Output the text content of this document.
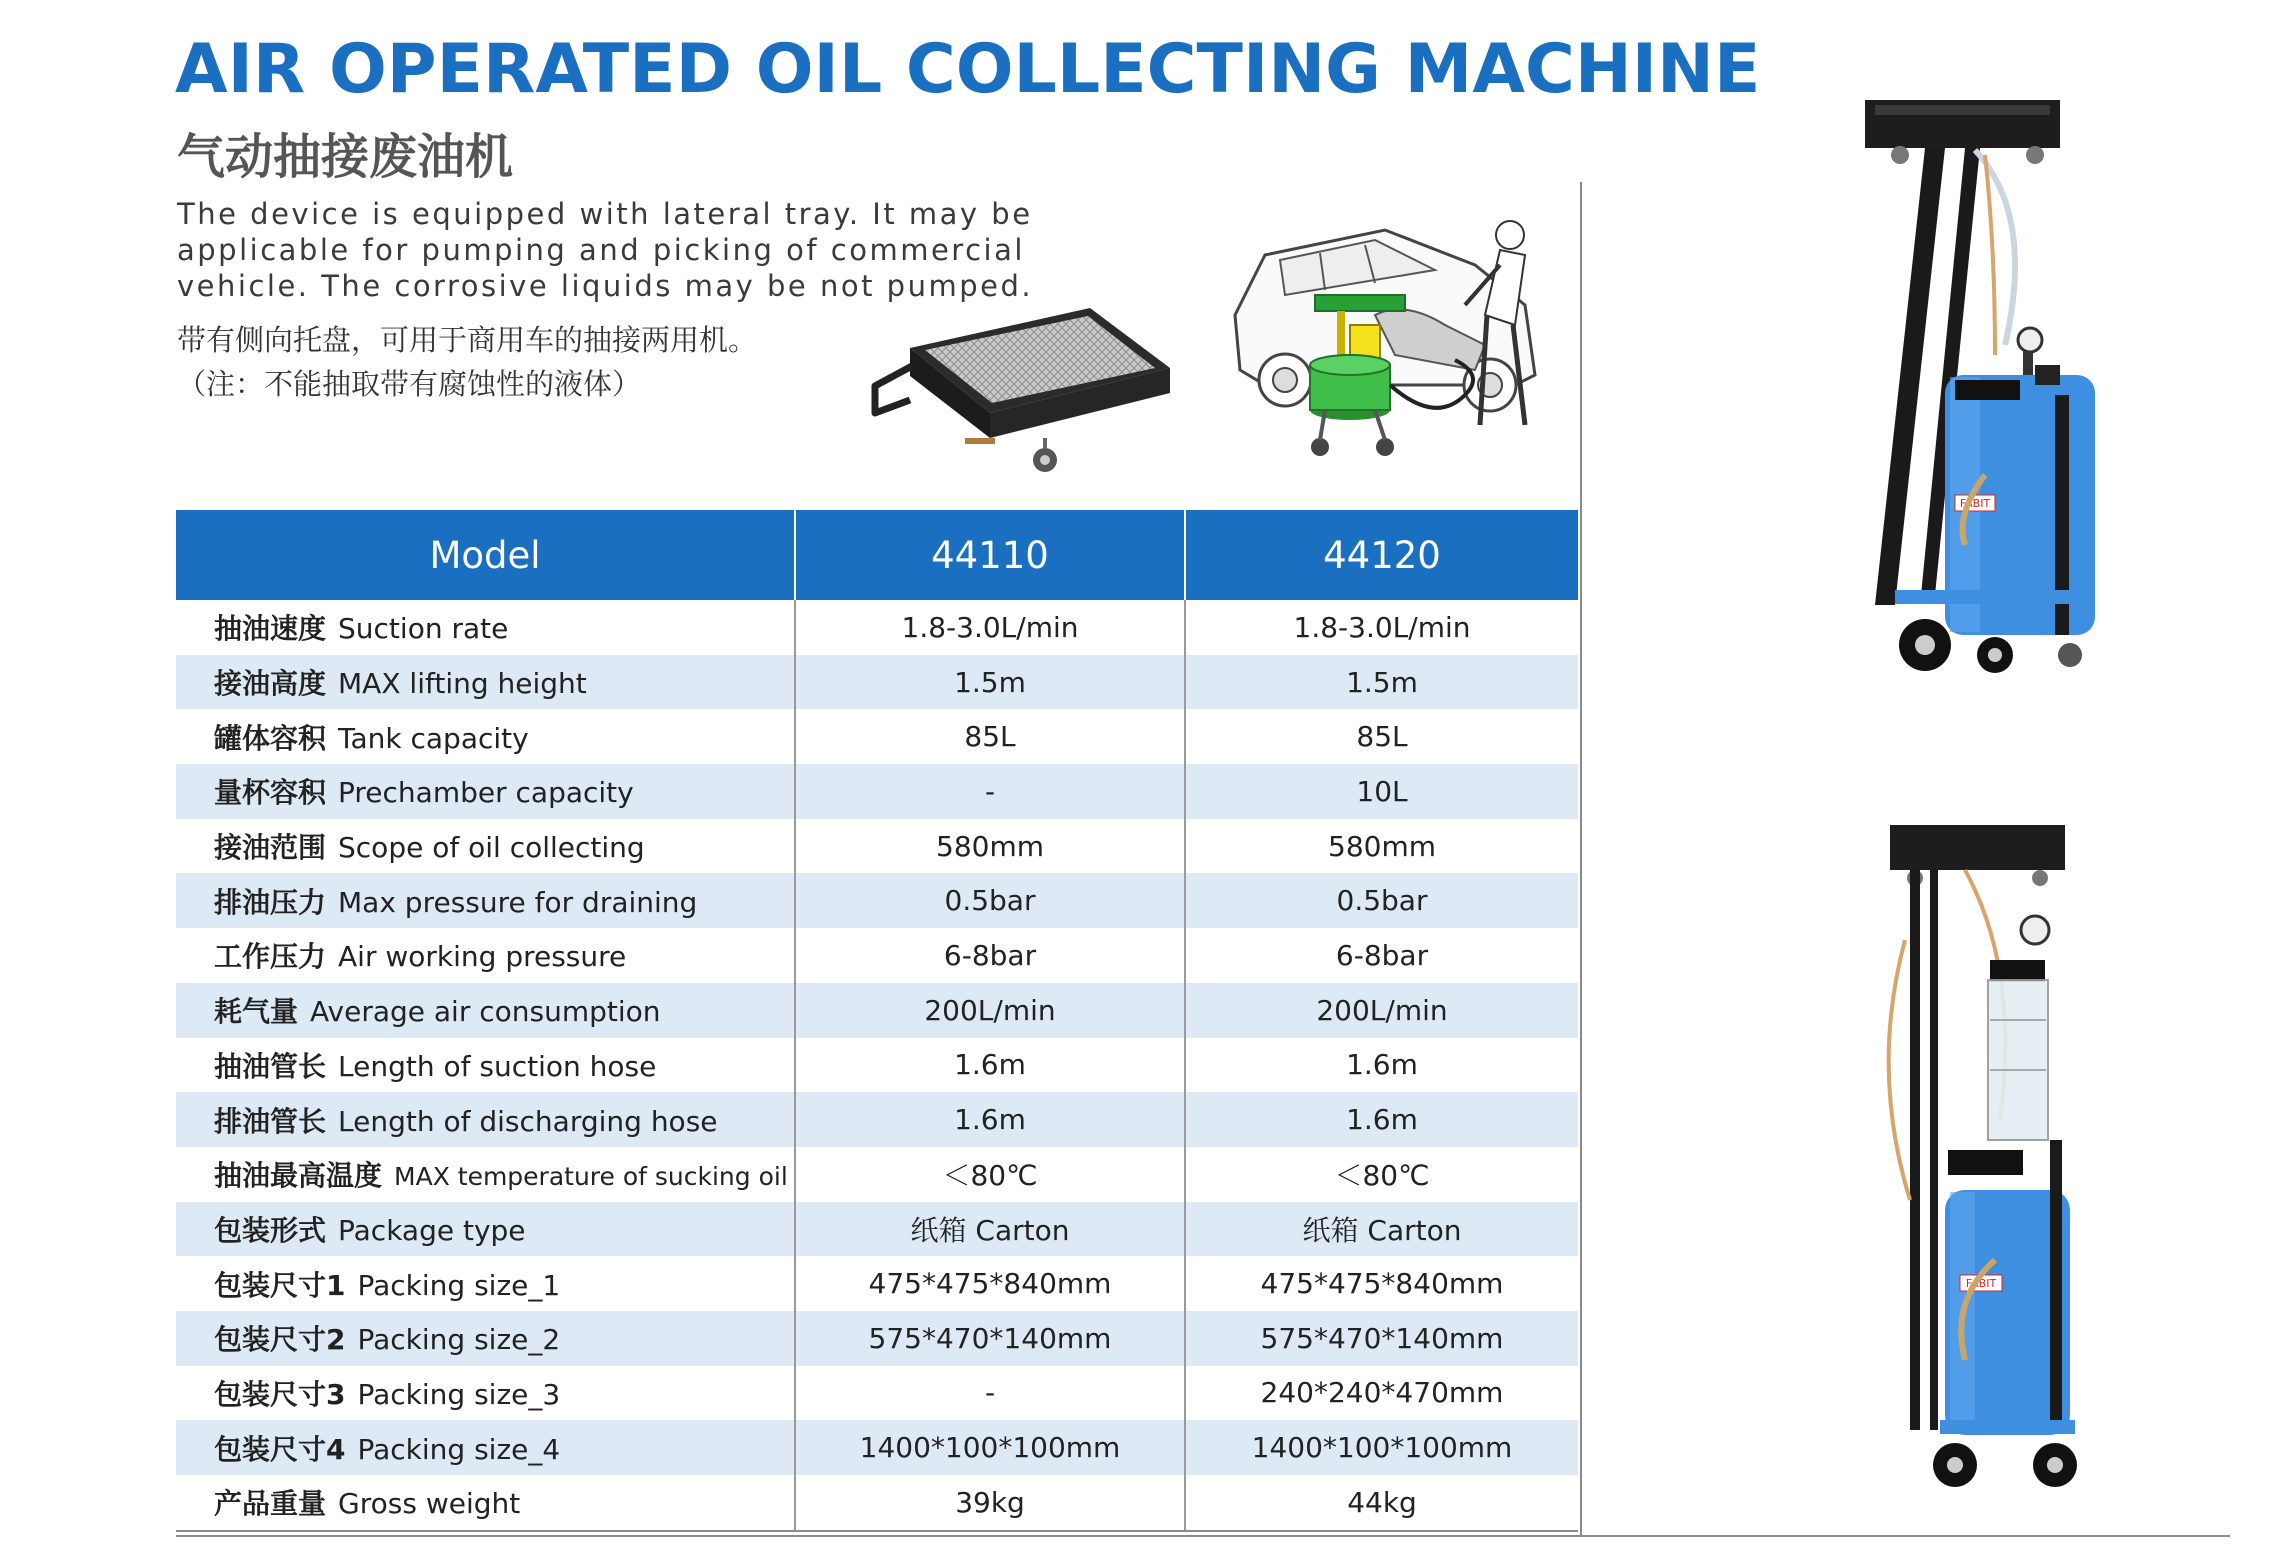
AIR OPERATED OIL COLLECTING MACHINE
气动抽接废油机

The device is equipped with lateral tray. It may be applicable for pumping and picking of commercial vehicle. The corrosive liquids may be not pumped.

带有侧向托盘，可用于商用车的抽接两用机。
（注：不能抽取带有腐蚀性的液体）
Model	44110	44120
抽油速度 Suction rate	1.8-3.0L/min	1.8-3.0L/min
接油高度 MAX lifting height	1.5m	1.5m
罐体容积 Tank capacity	85L	85L
量杯容积 Prechamber capacity	-	10L
接油范围 Scope of oil collecting	580mm	580mm
排油压力 Max pressure for draining	0.5bar	0.5bar
工作压力 Air working pressure	6-8bar	6-8bar
耗气量 Average air consumption	200L/min	200L/min
抽油管长 Length of suction hose	1.6m	1.6m
排油管长 Length of discharging hose	1.6m	1.6m
抽油最高温度 MAX temperature of sucking oil	＜80℃	＜80℃
包装形式 Package type	纸箱 Carton	纸箱 Carton
包装尺寸1 Packing size_1	475*475*840mm	475*475*840mm
包装尺寸2 Packing size_2	575*470*140mm	575*470*140mm
包装尺寸3 Packing size_3	-	240*240*470mm
包装尺寸4 Packing size_4	1400*100*100mm	1400*100*100mm
产品重量 Gross weight	39kg	44kg
FABIT
FABIT
